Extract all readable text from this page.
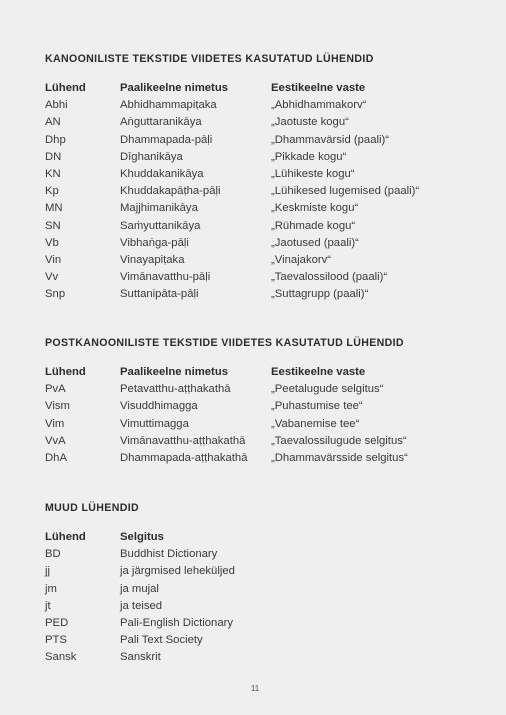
KANOONILISTE TEKSTIDE VIIDETES KASUTATUD LÜHENDID
Lühend	Paalikeelne nimetus	Eestikeelne vaste
Abhi	Abhidhammapiṭaka	„Abhidhammakorv“
AN	Aṅguttaranikāya	„Jaotuste kogu“
Dhp	Dhammapada-pāḷi	„Dhammavärsid (paali)“
DN	Dīghanikāya	„Pikkade kogu“
KN	Khuddakanikāya	„Lühikeste kogu“
Kp	Khuddakapāṭha-pāḷi	„Lühikesed lugemised (paali)“
MN	Majjhimanikāya	„Keskmiste kogu“
SN	Saṁyuttanikāya	„Rühmade kogu“
Vb	Vibhaṅga-pāḷi	„Jaotused (paali)“
Vin	Vinayapiṭaka	„Vinajakorv“
Vv	Vimānavatthu-pāḷi	„Taevalossilood (paali)“
Snp	Suttanipāta-pāḷi	„Suttagrupp (paali)“
POSTKANOONILISTE TEKSTIDE VIIDETES KASUTATUD LÜHENDID
Lühend	Paalikeelne nimetus	Eestikeelne vaste
PvA	Petavatthu-aṭṭhakathā	„Peetalugude selgitus“
Vism	Visuddhimagga	„Puhastumise tee“
Vim	Vimuttimagga	„Vabanemise tee“
VvA	Vimānavatthu-aṭṭhakathā „Taevalossilugude selgitus“
DhA	Dhammapada-aṭṭhakathā „Dhammavärsside selgitus“
MUUD LÜHENDID
Lühend	Selgitus
BD	Buddhist Dictionary
jj	ja järgmised leheküljed
jm	ja mujal
jt	ja teised
PED	Pali-English Dictionary
PTS	Pali Text Society
Sansk	Sanskrit
11
